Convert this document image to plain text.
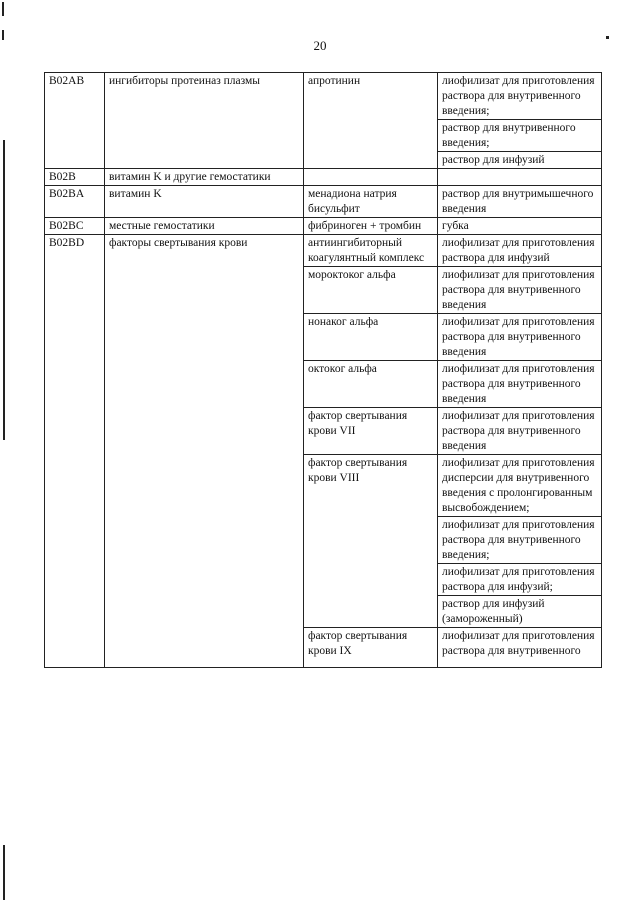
20
B02AB	ингибиторы протеиназ плазмы	апротинин	лиофилизат для приготовления раствора для внутривенного введения;
			раствор для внутривенного введения;
			раствор для инфузий
B02B	витамин K и другие гемостатики		
B02BA	витамин K	менадиона натрия бисульфит	раствор для внутримышечного введения
B02BC	местные гемостатики	фибриноген + тромбин	губка
B02BD	факторы свертывания крови	антиингибиторный коагулянтный комплекс	лиофилизат для приготовления раствора для инфузий
		мороктоког альфа	лиофилизат для приготовления раствора для внутривенного введения
		нонаког альфа	лиофилизат для приготовления раствора для внутривенного введения
		октоког альфа	лиофилизат для приготовления раствора для внутривенного введения
		фактор свертывания крови VII	лиофилизат для приготовления раствора для внутривенного введения
		фактор свертывания крови VIII	лиофилизат для приготовления дисперсии для внутривенного введения с пролонгированным высвобождением;
			лиофилизат для приготовления раствора для внутривенного введения;
			лиофилизат для приготовления раствора для инфузий;
			раствор для инфузий (замороженный)
		фактор свертывания крови IX	лиофилизат для приготовления раствора для внутривенного
